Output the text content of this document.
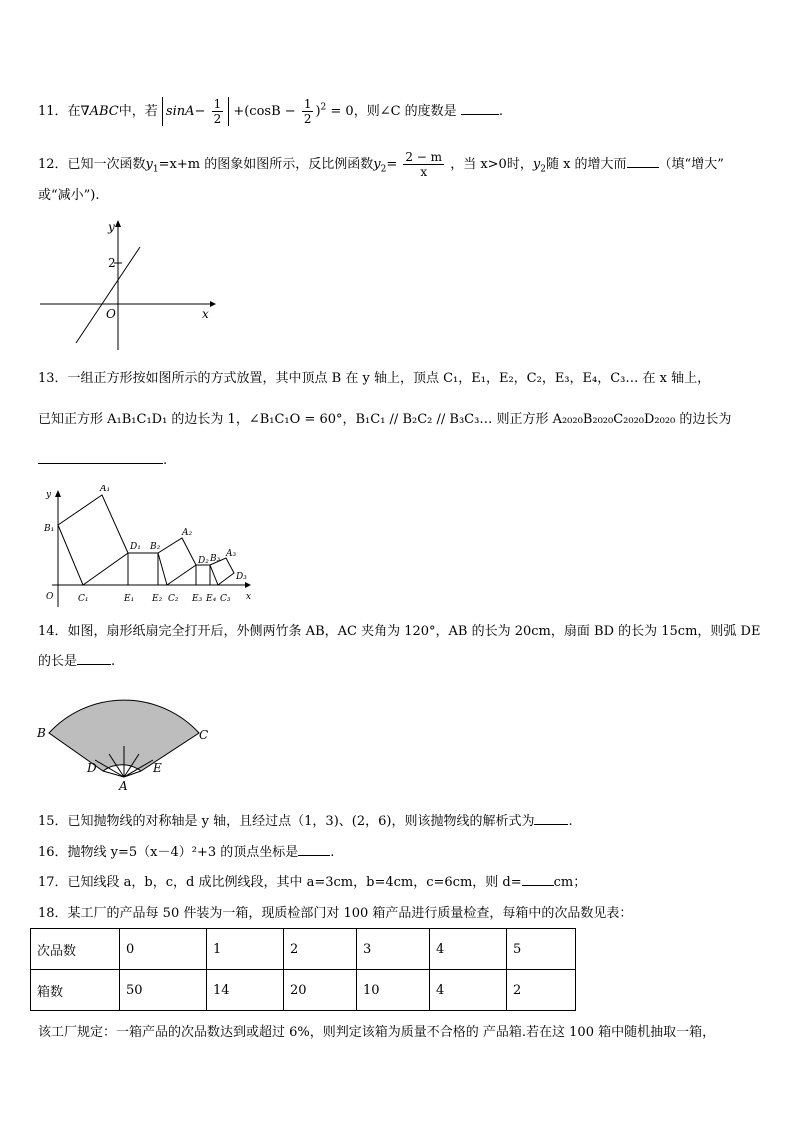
11．在∇ABC中，若 $\sin A- \frac{1}{2} +(\cos B - \frac{1}{2} )^2 = 0$，则∠C 的度数是	.
12．已知一次函数$y_1=x+m$ 的图象如图所示，反比例函数$y_2= \frac{2 - m}{x}$ ，当 x>0时，$y_2$随 x 的增大而 （填“增大”
或“减小”).
y
x
O
2
13．一组正方形按如图所示的方式放置，其中顶点 B 在 y 轴上，顶点 C₁，E₁，E₂，C₂，E₃，E₄，C₃… 在 x 轴上，
已知正方形 A₁B₁C₁D₁ 的边长为 1，∠B₁C₁O = 60°，B₁C₁ // B₂C₂ // B₃C₃… 则正方形 A₂₀₂₀B₂₀₂₀C₂₀₂₀D₂₀₂₀ 的边长为
.
y
A₁
B₁
D₁ B₂
A₂
D₂ B₃ A₃
D₃
O	C₁	E₁ E₂ C₂ E₃ E₄ C₃ x
14．如图，扇形纸扇完全打开后，外侧两竹条 AB，AC 夹角为 120°，AB 的长为 20cm，扇面 BD 的长为 15cm，则弧 DE
的长是	.
B	C
D	E
A
15．已知抛物线的对称轴是 y 轴，且经过点（1，3)、(2，6)，则该抛物线的解析式为	.
16．抛物线 y=5（x－4）²+3 的顶点坐标是 .
17．已知线段 a，b，c，d 成比例线段，其中 a=3cm，b=4cm，c=6cm，则 d= cm；
18．某工厂的产品每 50 件装为一箱，现质检部门对 100 箱产品进行质量检查，每箱中的次品数见表：
次品数	0	1	2	3	4	5
箱数	50	14	20	10	4	2
该工厂规定：一箱产品的次品数达到或超过 6%，则判定该箱为质量不合格的 产品箱.若在这 100 箱中随机抽取一箱，
